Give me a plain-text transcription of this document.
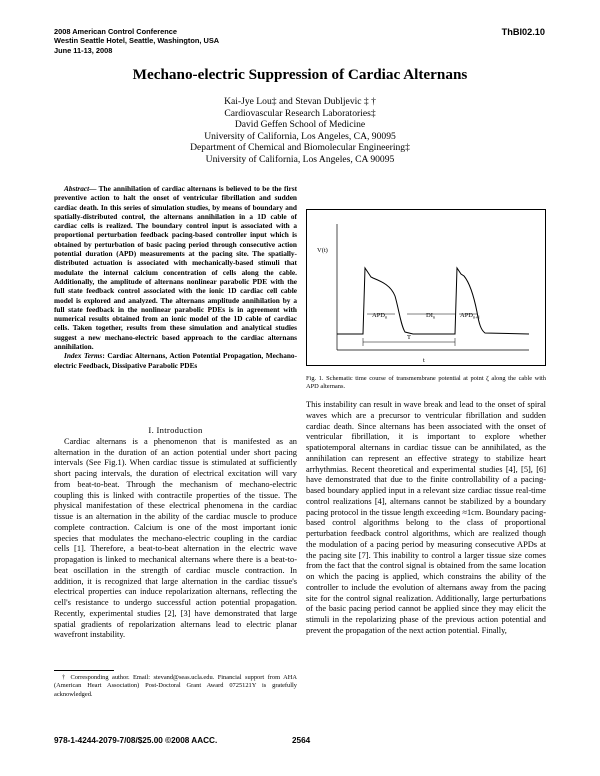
2008 American Control Conference
Westin Seattle Hotel, Seattle, Washington, USA
June 11-13, 2008
ThBI02.10
Mechano-electric Suppression of Cardiac Alternans
Kai-Jye Lou‡ and Stevan Dubljevic ‡ †
Cardiovascular Research Laboratories‡
David Geffen School of Medicine
University of California, Los Angeles, CA, 90095
Department of Chemical and Biomolecular Engineering‡
University of California, Los Angeles, CA 90095

Abstract— The annihilation of cardiac alternans is believed to be the first preventive action to halt the onset of ventricular fibrillation and sudden cardiac death. In this series of simulation studies, by means of boundary and spatially-distributed control, the alternans annihilation in a 1D cable of cardiac cells is realized. The boundary control input is associated with a proportional perturbation feedback pacing-based controller input which is obtained by perturbation of basic pacing period through consecutive action potential duration (APD) measurements at the pacing site. The spatially-distributed actuation is associated with mechanically-based stimuli that modulate the internal calcium concentration of cells along the cable. Additionally, the amplitude of alternans nonlinear parabolic PDE with the full state feedback control associated with the ionic 1D cardiac cell cable model is explored and analyzed. The alternans amplitude annihilation by a full state feedback in the nonlinear parabolic PDEs is in agreement with numerical results obtained from an ionic model of the 1D cable of cardiac cells. Taken together, results from these simulation and analytical studies suggest a new mechano-electric based approach to the cardiac alternans annihilation.

Index Terms: Cardiac Alternans, Action Potential Propagation, Mechano-electric Feedback, Dissipative Parabolic PDEs

I. Introduction

Cardiac alternans is a phenomenon that is manifested as an alternation in the duration of an action potential under short pacing intervals (See Fig.1). When cardiac tissue is stimulated at sufficiently short pacing intervals, the duration of electrical excitation will vary from beat-to-beat. Through the mechanism of mechano-electric coupling this is linked with contractile properties of the tissue. The physical manifestation of these electrical phenomena in the cardiac tissue is an alternation in the ability of the cardiac muscle to produce complete contraction. Calcium is one of the most important ionic species that modulates the mechano-electric coupling in the cardiac cells [1]. Therefore, a beat-to-beat alternation in the electric wave propagation is linked to mechanical alternans where there is a beat-to-beat oscillation in the strength of cardiac muscle contraction. In addition, it is recognized that large alternation in the cardiac tissue's electrical properties can induce repolarization alternans, reflecting the cell's resistance to undergo successful action potential propagation. Recently, experimental studies [2], [3] have demonstrated that large spatial gradients of repolarization alternans lead to electric planar wavefront instability.

† Corresponding author. Email: stevand@seas.ucla.edu. Financial support from AHA (American Heart Association) Post-Doctoral Grant Award 0725121Y is gratefully acknowledged.

V(t)
t
$APD_n$	$DI_n$	$APD_{n+1}$
T
Fig. 1. Schematic time course of transmembrane potential at point ζ along the cable with APD alternans.

This instability can result in wave break and lead to the onset of spiral waves which are a precursor to ventricular fibrillation and sudden cardiac death. Since alternans has been associated with the onset of ventricular fibrillation, it is important to explore whether spatiotemporal alternans in cardiac tissue can be annihilated, as the annihilation can represent an effective strategy to stabilize heart arrhythmias. Recent theoretical and experimental studies [4], [5], [6] have demonstrated that due to the finite controllability of a pacing-based boundary applied input in a relevant size cardiac tissue real-time control realizations [4], alternans cannot be stabilized by a boundary pacing protocol in the tissue length exceeding ≈1cm. Boundary pacing-based control algorithms belong to the class of proportional perturbation feedback control algorithms, which are realized though the modulation of a pacing period by measuring consecutive APDs at the pacing site [7]. This inability to control a larger tissue size comes from the fact that the control signal is obtained from the same location on which the pacing is applied, which constrains the ability of the controller to include the evolution of alternans away from the pacing site for the control signal realization. Additionally, large perturbations of the basic pacing period cannot be applied since they may elicit the stimuli in the repolarizing phase of the previous action potential and prevent the propagation of the next action potential. Finally,

978-1-4244-2079-7/08/$25.00 ©2008 AACC.	2564
